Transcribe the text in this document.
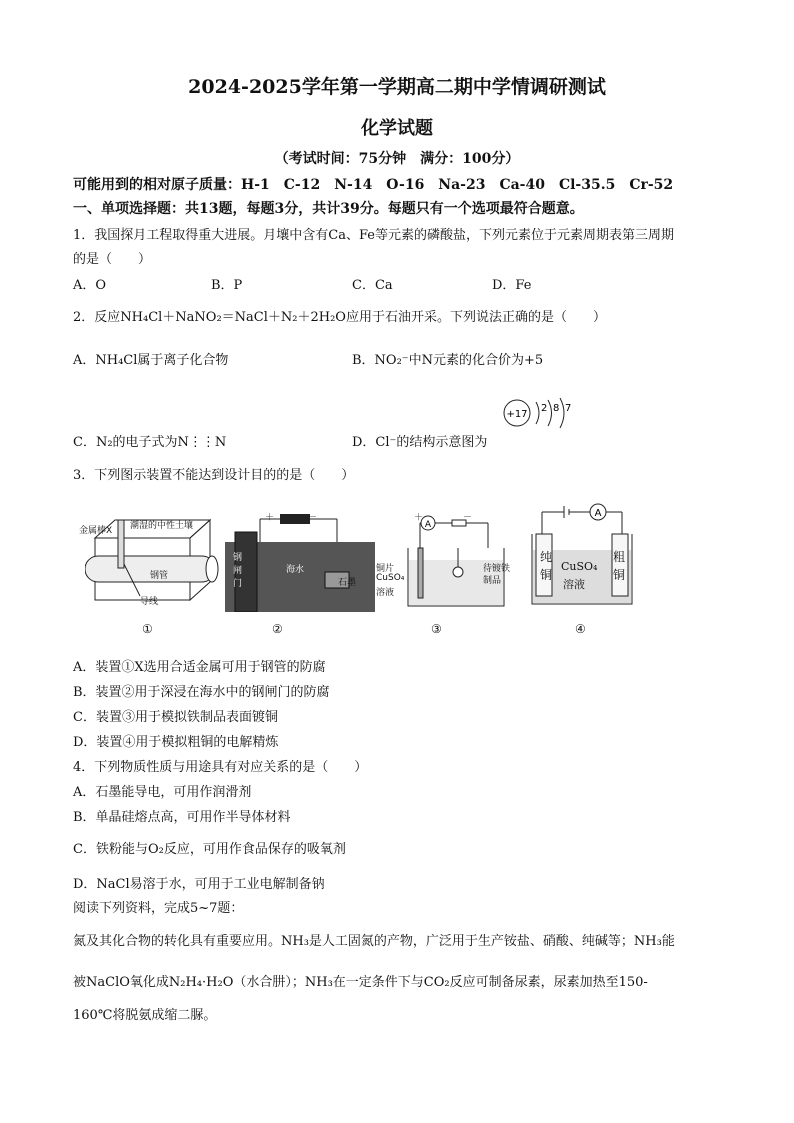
2024-2025学年第一学期高二期中学情调研测试
化学试题
（考试时间：75分钟　满分：100分）
可能用到的相对原子质量：H-1　C-12　N-14　O-16　Na-23　Ca-40　Cl-35.5　Cr-52
一、单项选择题：共13题，每题3分，共计39分。每题只有一个选项最符合题意。
1．我国探月工程取得重大进展。月壤中含有Ca、Fe等元素的磷酸盐，下列元素位于元素周期表第三周期
的是（　　）
A．O	B．P	C．Ca	D．Fe
2．反应NH₄Cl＋NaNO₂＝NaCl＋N₂＋2H₂O应用于石油开采。下列说法正确的是（　　）
A．NH₄Cl属于离子化合物	B．NO₂⁻中N元素的化合价为+5
C．N₂的电子式为N⋮⋮N	D．Cl⁻的结构示意图为
+17
2 8 7
3．下列图示装置不能达到设计目的的是（　　）
金属棒X 潮湿的中性土壤
钢管
导线
①
＋	－
钢闸门
海水
石墨
②
A
＋	－
铜片
CuSO₄
溶液
待镀铁
制品
③
A
纯
铜
粗
铜
CuSO₄
溶液
④
A．装置①X选用合适金属可用于钢管的防腐
B．装置②用于深浸在海水中的钢闸门的防腐
C．装置③用于模拟铁制品表面镀铜
D．装置④用于模拟粗铜的电解精炼
4．下列物质性质与用途具有对应关系的是（　　）
A．石墨能导电，可用作润滑剂
B．单晶硅熔点高，可用作半导体材料
C．铁粉能与O₂反应，可用作食品保存的吸氧剂
D．NaCl易溶于水，可用于工业电解制备钠
阅读下列资料，完成5~7题：
氮及其化合物的转化具有重要应用。NH₃是人工固氮的产物，广泛用于生产铵盐、硝酸、纯碱等；NH₃能
被NaClO氧化成N₂H₄·H₂O（水合肼）；NH₃在一定条件下与CO₂反应可制备尿素，尿素加热至150-
160℃将脱氨成缩二脲。
